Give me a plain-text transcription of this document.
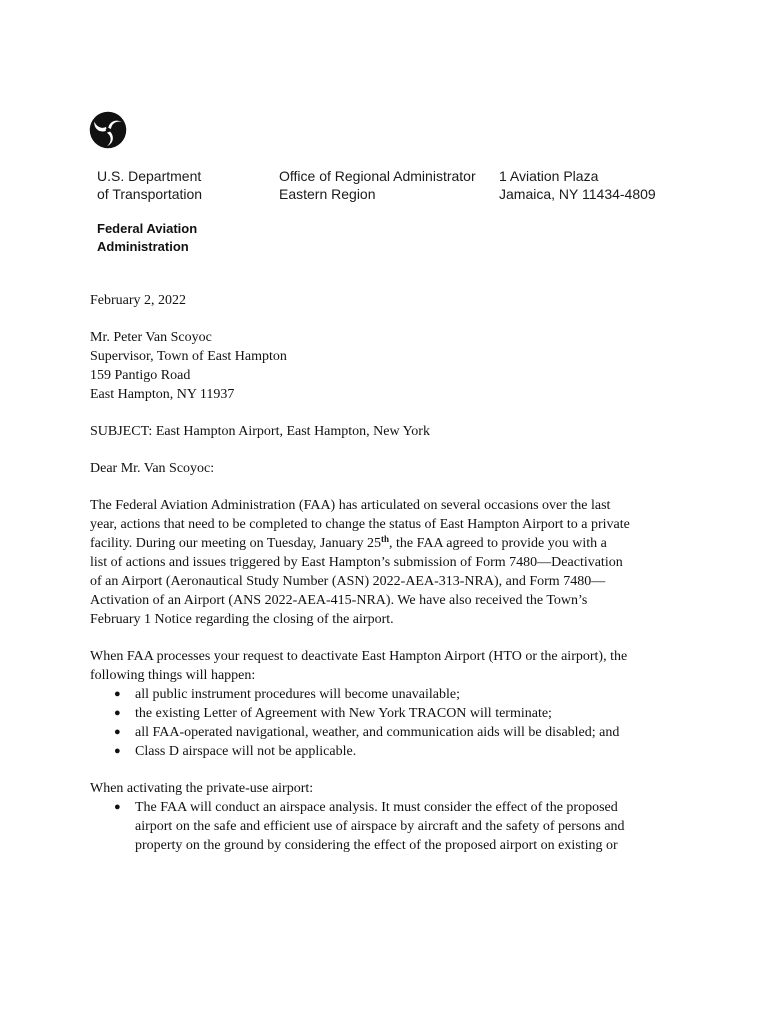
U.S. Department
of Transportation
Office of Regional Administrator
Eastern Region
1 Aviation Plaza
Jamaica, NY 11434-4809
Federal Aviation
Administration

February 2, 2022

Mr. Peter Van Scoyoc
Supervisor, Town of East Hampton
159 Pantigo Road
East Hampton, NY 11937

SUBJECT: East Hampton Airport, East Hampton, New York

Dear Mr. Van Scoyoc:

The Federal Aviation Administration (FAA) has articulated on several occasions over the last
year, actions that need to be completed to change the status of East Hampton Airport to a private
facility. During our meeting on Tuesday, January 25th, the FAA agreed to provide you with a
list of actions and issues triggered by East Hampton’s submission of Form 7480—Deactivation
of an Airport (Aeronautical Study Number (ASN) 2022-AEA-313-NRA), and Form 7480—
Activation of an Airport (ANS 2022-AEA-415-NRA). We have also received the Town’s
February 1 Notice regarding the closing of the airport.

When FAA processes your request to deactivate East Hampton Airport (HTO or the airport), the
following things will happen:
● all public instrument procedures will become unavailable;
● the existing Letter of Agreement with New York TRACON will terminate;
● all FAA-operated navigational, weather, and communication aids will be disabled; and
● Class D airspace will not be applicable.
When activating the private-use airport:
● The FAA will conduct an airspace analysis. It must consider the effect of the proposed
airport on the safe and efficient use of airspace by aircraft and the safety of persons and
property on the ground by considering the effect of the proposed airport on existing or
